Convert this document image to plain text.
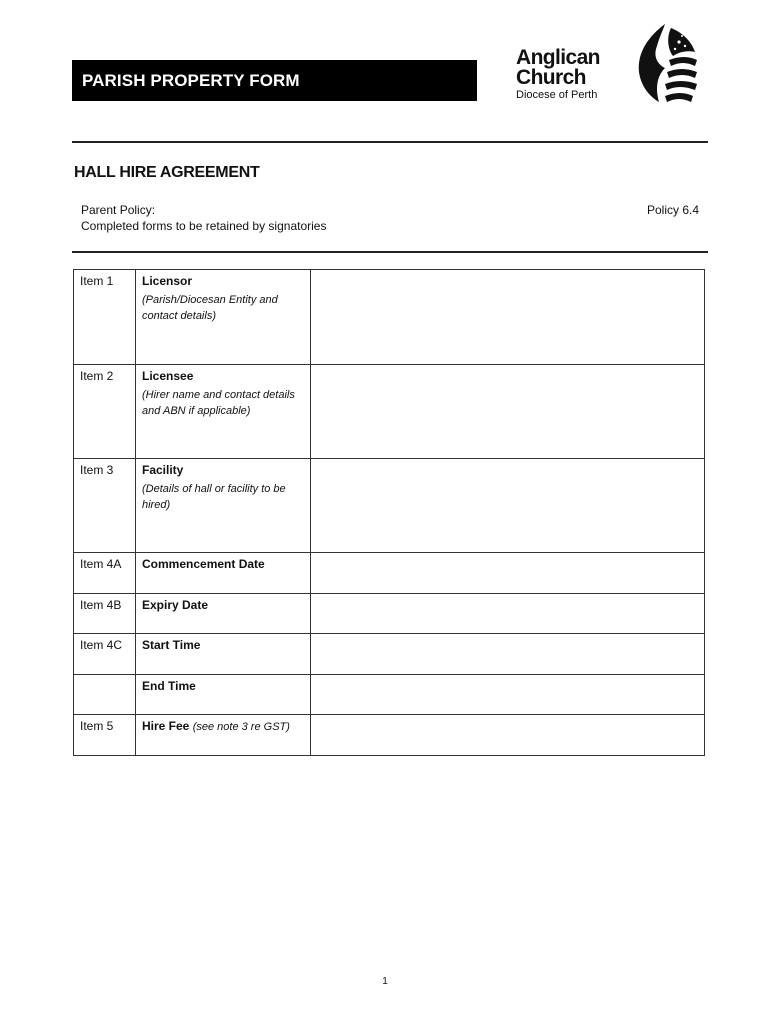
PARISH PROPERTY FORM
Anglican
Church
Diocese of Perth
HALL HIRE AGREEMENT
Parent Policy:
Completed forms to be retained by signatories
Policy 6.4
Item 1	Licensor
(Parish/Diocesan Entity and contact details)	

Item 2	Licensee
(Hirer name and contact details and ABN if applicable)	

Item 3	Facility
(Details of hall or facility to be hired)	

Item 4A	Commencement Date	

Item 4B	Expiry Date	

Item 4C	Start Time	

	End Time	

Item 5	Hire Fee (see note 3 re GST)	
1
